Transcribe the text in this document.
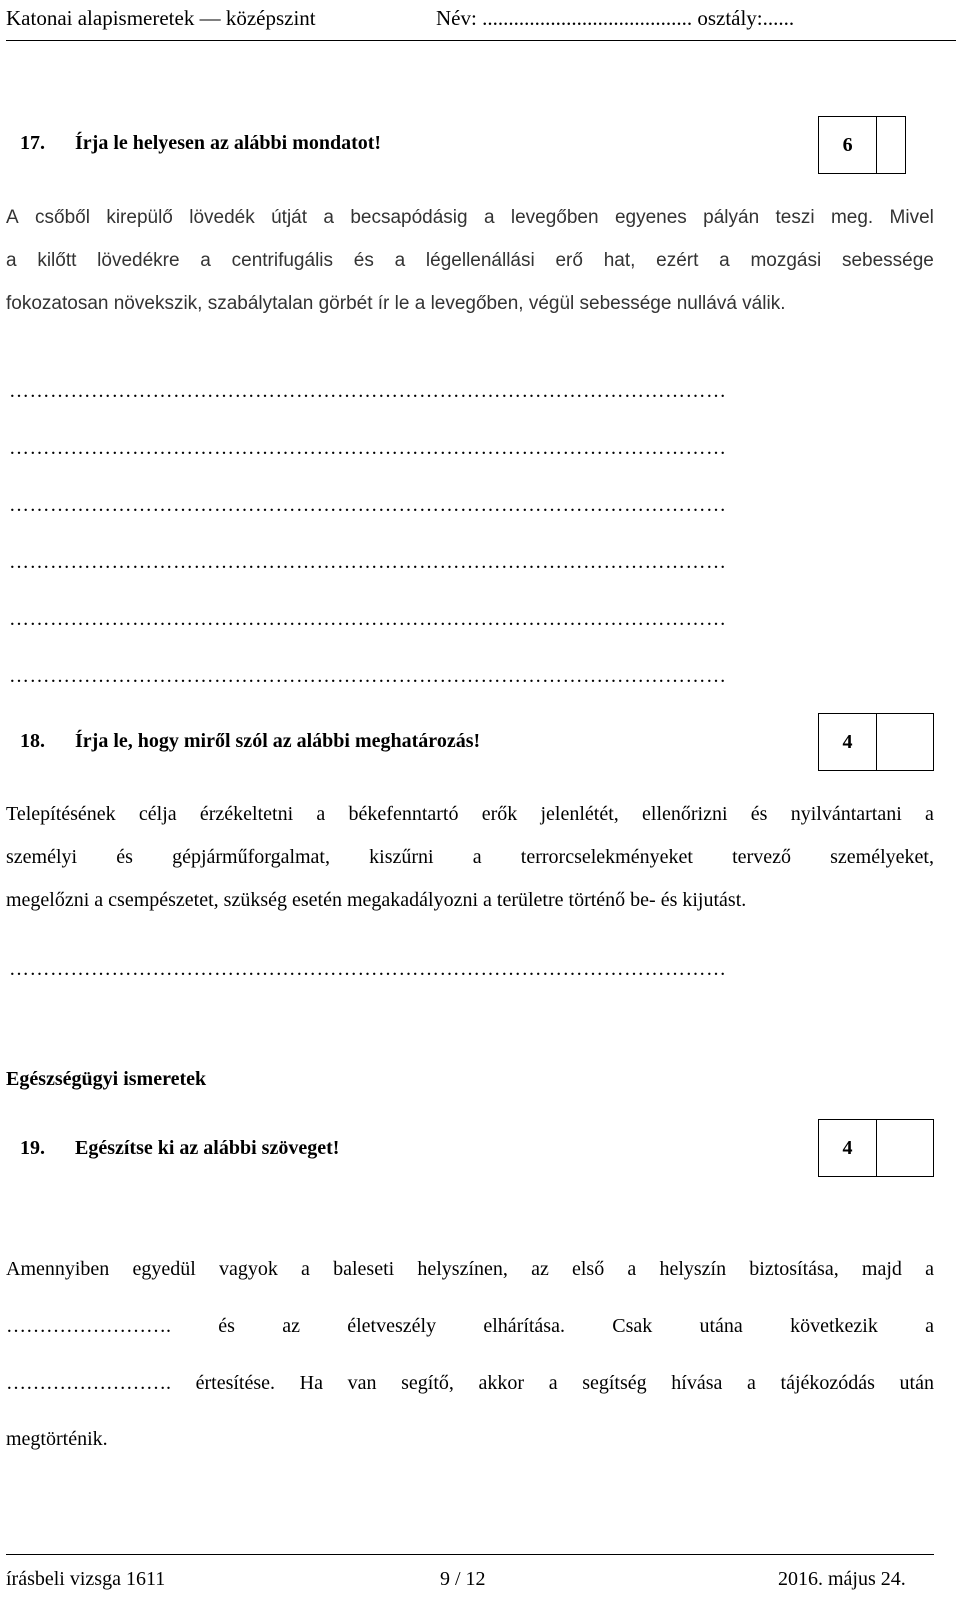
Katonai alapismeretek — középszint	Név: ........................................ osztály:......
17. Írja le helyesen az alábbi mondatot!	6
A csőből kirepülő lövedék útját a becsapódásig a levegőben egyenes pályán teszi meg. Mivel
a kilőtt lövedékre a centrifugális és a légellenállási erő hat, ezért a mozgási sebessége
fokozatosan növekszik, szabálytalan görbét ír le a levegőben, végül sebessége nullává válik.
……………………………………………………………………………………………
……………………………………………………………………………………………
……………………………………………………………………………………………
……………………………………………………………………………………………
……………………………………………………………………………………………
……………………………………………………………………………………………
18. Írja le, hogy miről szól az alábbi meghatározás!	4
Telepítésének célja érzékeltetni a békefenntartó erők jelenlétét, ellenőrizni és nyilvántartani a
személyi és gépjárműforgalmat, kiszűrni a terrorcselekményeket tervező személyeket,
megelőzni a csempészetet, szükség esetén megakadályozni a területre történő be- és kijutást.
……………………………………………………………………………………………
Egészségügyi ismeretek
19. Egészítse ki az alábbi szöveget!	4
Amennyiben egyedül vagyok a baleseti helyszínen, az első a helyszín biztosítása, majd a
……………………. és az életveszély elhárítása. Csak utána következik a
……………………. értesítése. Ha van segítő, akkor a segítség hívása a tájékozódás után
megtörténik.
írásbeli vizsga 1611	9 / 12	2016. május 24.
